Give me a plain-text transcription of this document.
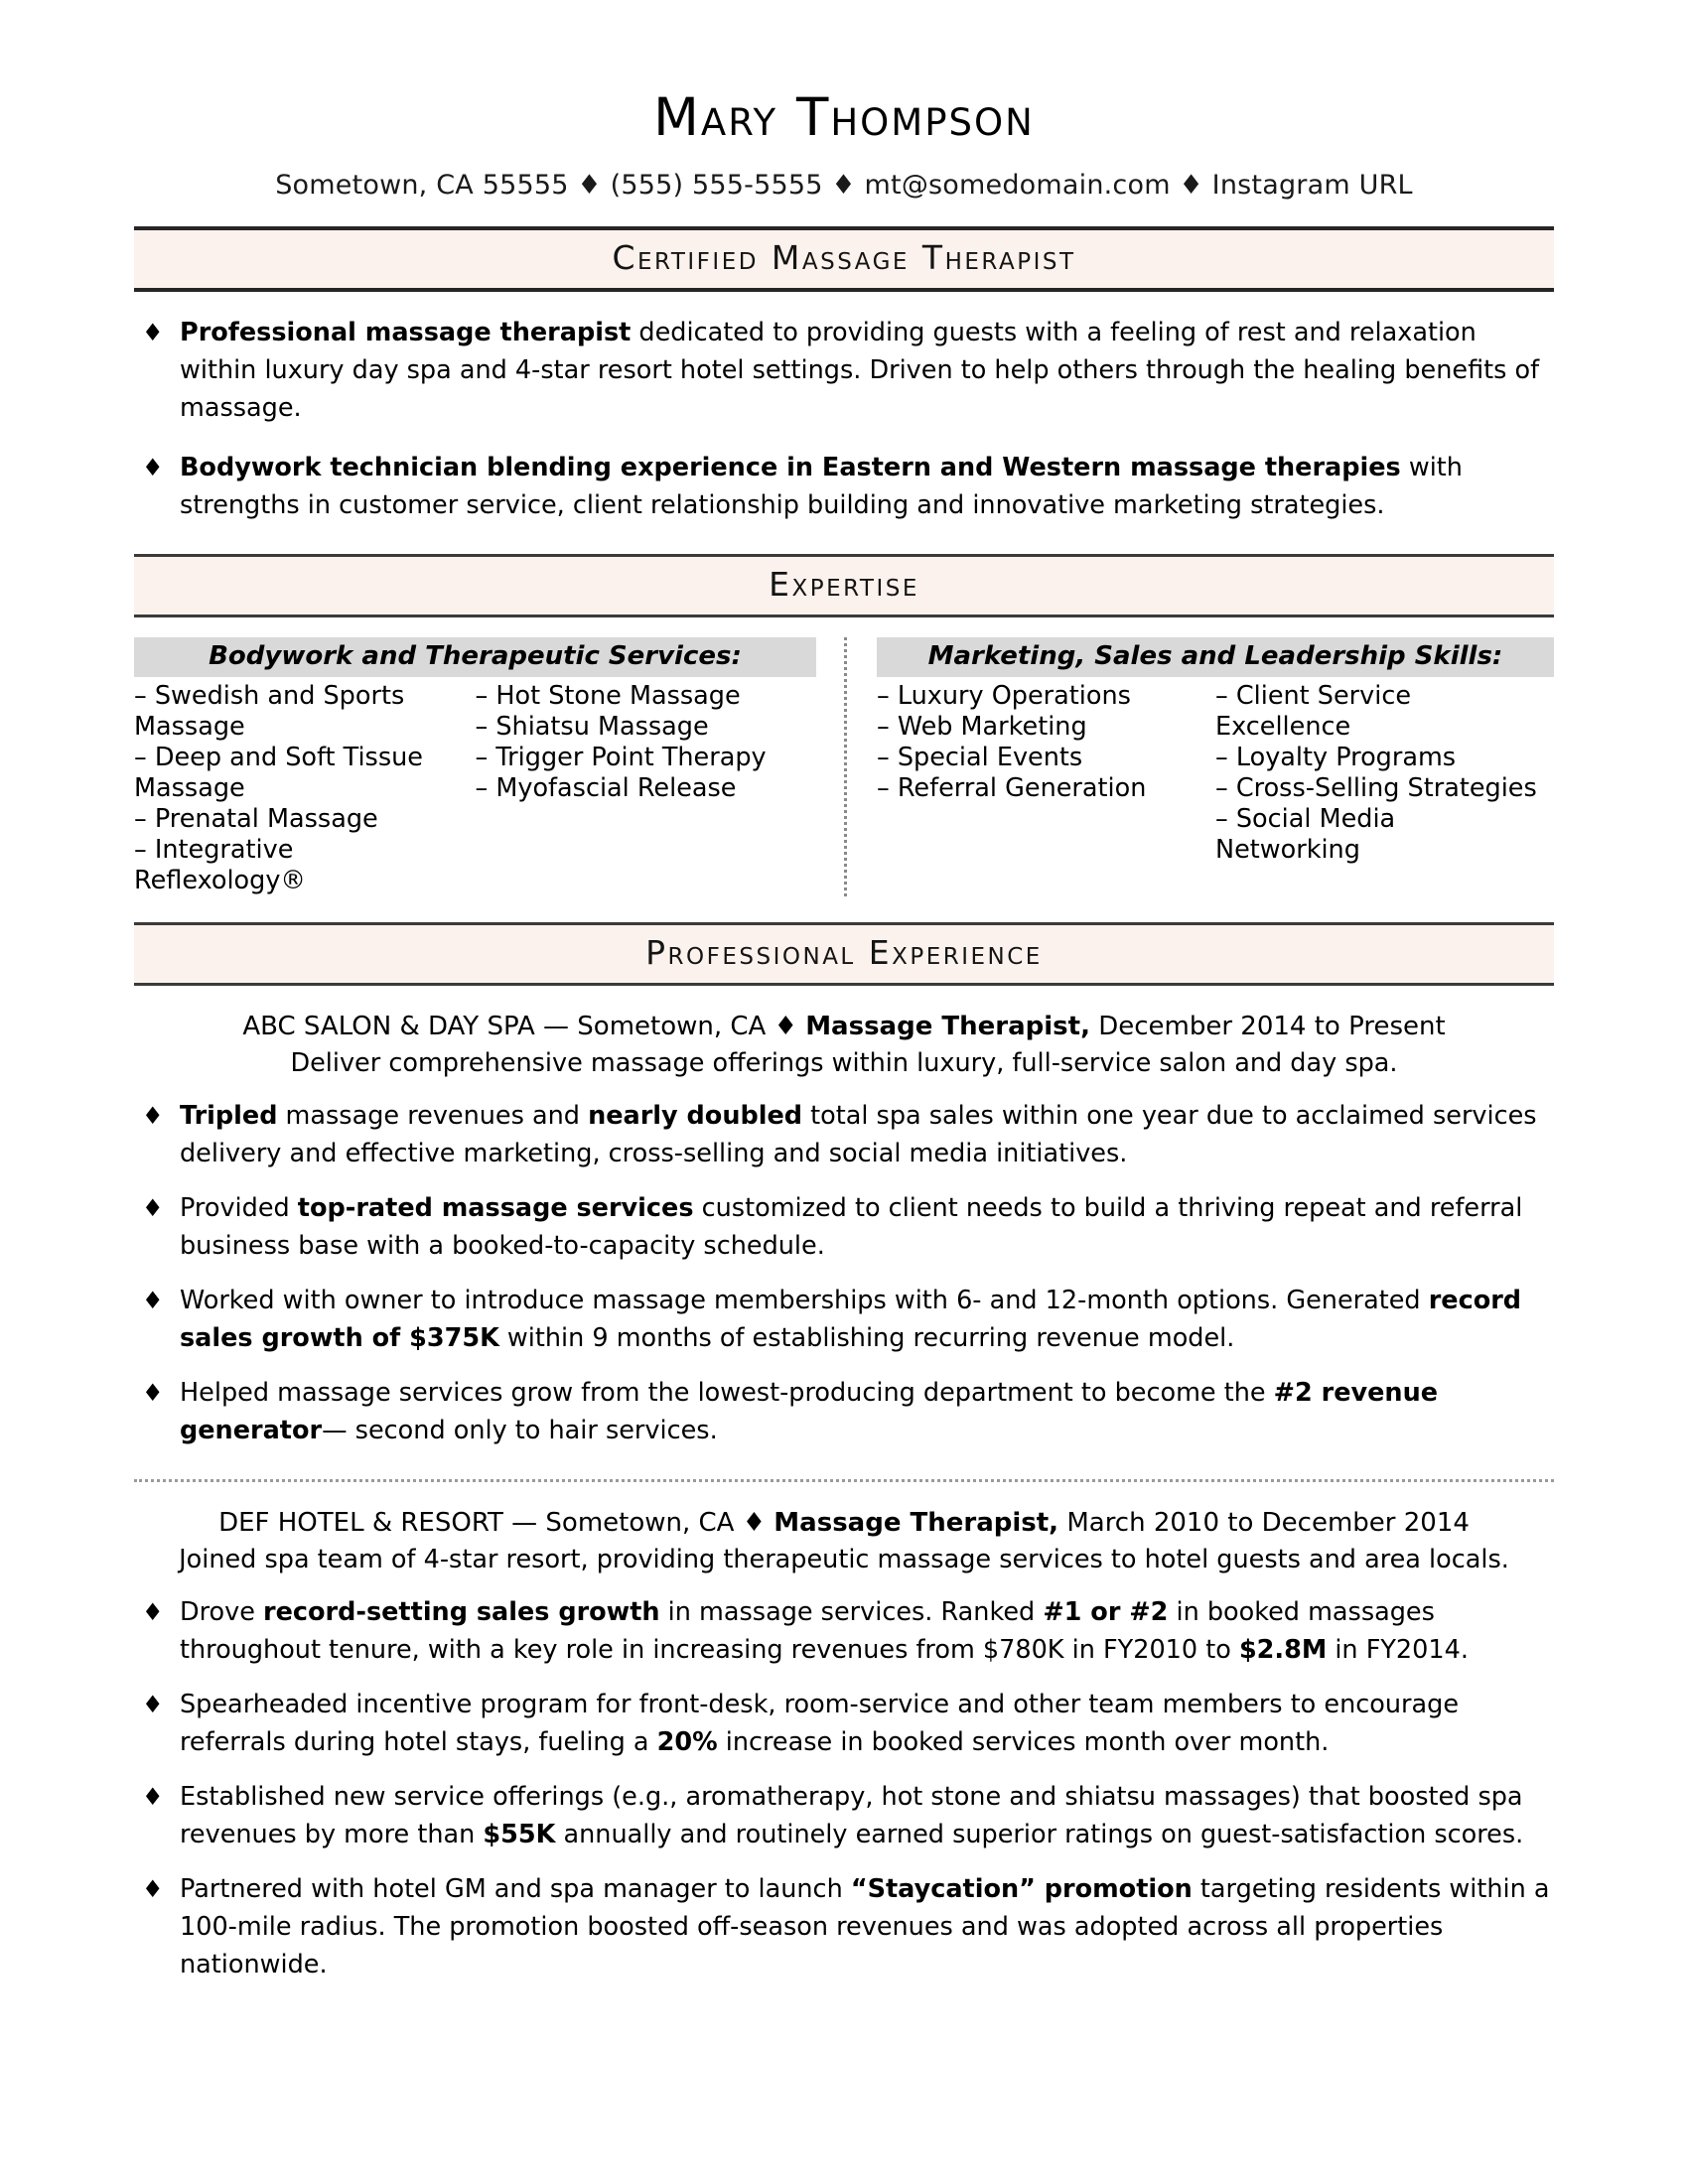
Mary Thompson
Sometown, CA 55555 ♦ (555) 555-5555 ♦ mt@somedomain.com ♦ Instagram URL
Certified Massage Therapist
♦ Professional massage therapist dedicated to providing guests with a feeling of rest and relaxation within luxury day spa and 4-star resort hotel settings. Driven to help others through the healing benefits of massage.
♦ Bodywork technician blending experience in Eastern and Western massage therapies with strengths in customer service, client relationship building and innovative marketing strategies.
Expertise
Bodywork and Therapeutic Services:
– Swedish and Sports Massage
– Deep and Soft Tissue Massage
– Prenatal Massage
– Integrative Reflexology®
– Hot Stone Massage
– Shiatsu Massage
– Trigger Point Therapy
– Myofascial Release
Marketing, Sales and Leadership Skills:
– Luxury Operations
– Web Marketing
– Special Events
– Referral Generation
– Client Service Excellence
– Loyalty Programs
– Cross-Selling Strategies
– Social Media Networking
Professional Experience
ABC SALON & DAY SPA — Sometown, CA ♦ Massage Therapist, December 2014 to Present
Deliver comprehensive massage offerings within luxury, full-service salon and day spa.
♦ Tripled massage revenues and nearly doubled total spa sales within one year due to acclaimed services delivery and effective marketing, cross-selling and social media initiatives.
♦ Provided top-rated massage services customized to client needs to build a thriving repeat and referral business base with a booked-to-capacity schedule.
♦ Worked with owner to introduce massage memberships with 6- and 12-month options. Generated record sales growth of $375K within 9 months of establishing recurring revenue model.
♦ Helped massage services grow from the lowest-producing department to become the #2 revenue generator— second only to hair services.
DEF HOTEL & RESORT — Sometown, CA ♦ Massage Therapist, March 2010 to December 2014
Joined spa team of 4-star resort, providing therapeutic massage services to hotel guests and area locals.
♦ Drove record-setting sales growth in massage services. Ranked #1 or #2 in booked massages throughout tenure, with a key role in increasing revenues from $780K in FY2010 to $2.8M in FY2014.
♦ Spearheaded incentive program for front-desk, room-service and other team members to encourage referrals during hotel stays, fueling a 20% increase in booked services month over month.
♦ Established new service offerings (e.g., aromatherapy, hot stone and shiatsu massages) that boosted spa revenues by more than $55K annually and routinely earned superior ratings on guest-satisfaction scores.
♦ Partnered with hotel GM and spa manager to launch “Staycation” promotion targeting residents within a 100-mile radius. The promotion boosted off-season revenues and was adopted across all properties nationwide.
